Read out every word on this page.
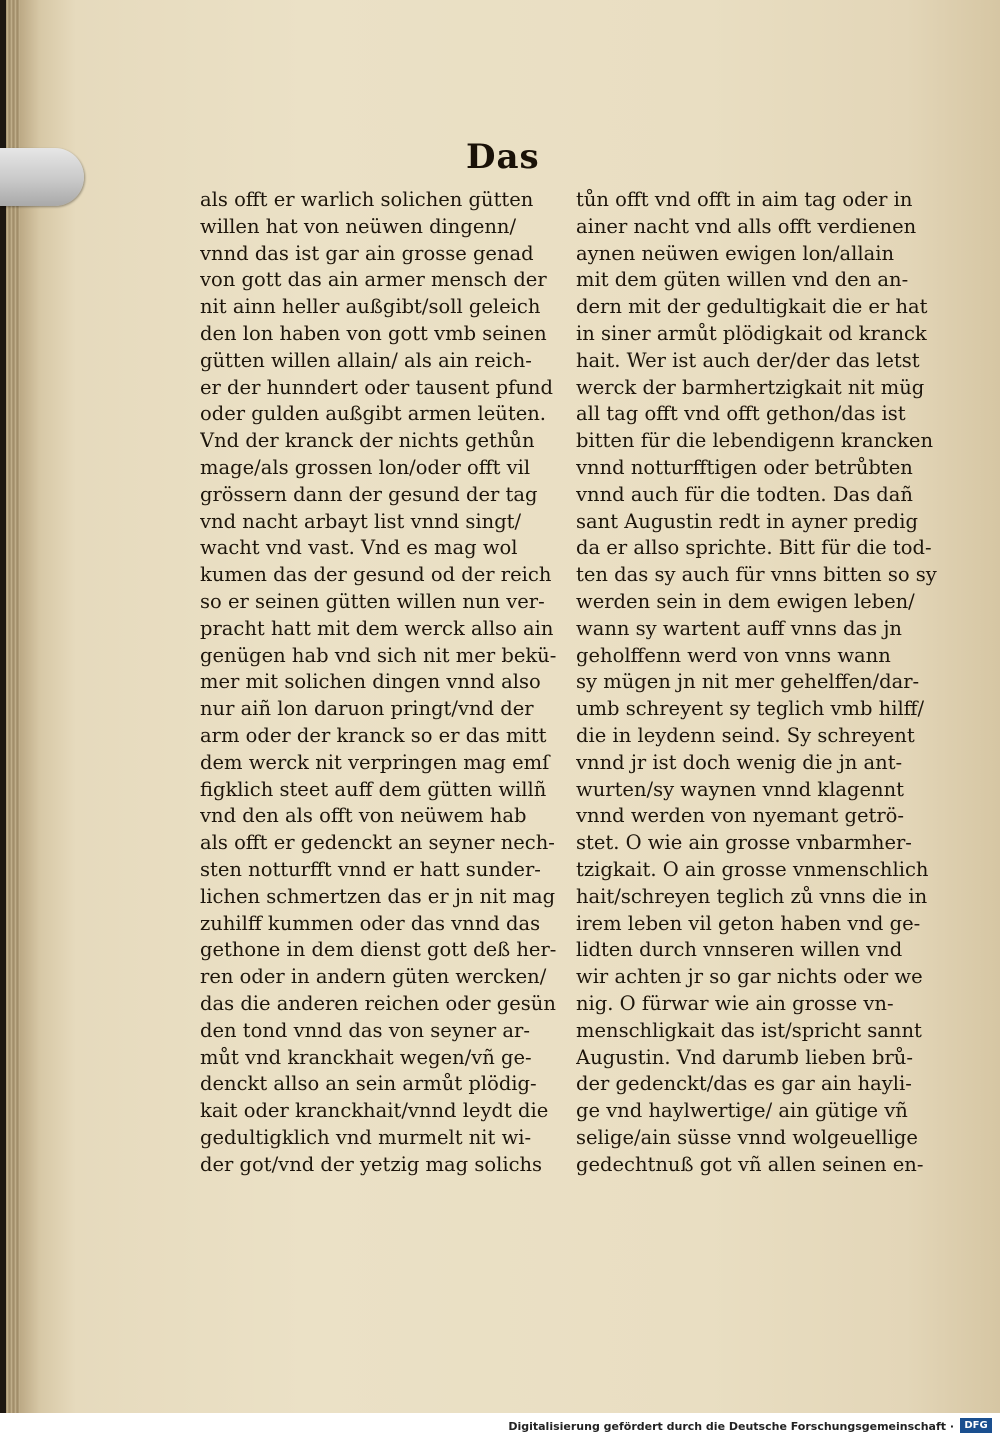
Das
als offt er warlich solichen gütten
willen hat von neüwen dingenn/
vnnd das ist gar ain grosse genad
von gott das ain armer mensch der
nit ainn heller außgibt/soll geleich
den lon haben von gott vmb seinen
gütten willen allain/ als ain reich-
er der hunndert oder tausent pfund
oder gulden außgibt armen leüten.
Vnd der kranck der nichts gethůn
mage/als grossen lon/oder offt vil
grössern dann der gesund der tag
vnd nacht arbayt list vnnd singt/
wacht vnd vast. Vnd es mag wol
kumen das der gesund od der reich
so er seinen gütten willen nun ver-
pracht hatt mit dem werck allso ain
genügen hab vnd sich nit mer bekü-
mer mit solichen dingen vnnd also
nur aiñ lon daruon pringt/vnd der
arm oder der kranck so er das mitt
dem werck nit verpringen mag emſ
figklich steet auff dem gütten willñ
vnd den als offt von neüwem hab
als offt er gedenckt an seyner nech-
sten notturfft vnnd er hatt sunder-
lichen schmertzen das er jn nit mag
zuhilff kummen oder das vnnd das
gethone in dem dienst gott deß her-
ren oder in andern güten wercken/
das die anderen reichen oder gesün
den tond vnnd das von seyner ar-
můt vnd kranckhait wegen/vñ ge-
denckt allso an sein armůt plödig-
kait oder kranckhait/vnnd leydt die
gedultigklich vnd murmelt nit wi-
der got/vnd der yetzig mag solichs
tůn offt vnd offt in aim tag oder in
ainer nacht vnd alls offt verdienen
aynen neüwen ewigen lon/allain
mit dem güten willen vnd den an-
dern mit der gedultigkait die er hat
in siner armůt plödigkait od kranck
hait. Wer ist auch der/der das letst
werck der barmhertzigkait nit müg
all tag offt vnd offt gethon/das ist
bitten für die lebendigenn krancken
vnnd notturfftigen oder betrůbten
vnnd auch für die todten. Das dañ
sant Augustin redt in ayner predig
da er allso sprichte. Bitt für die tod-
ten das sy auch für vnns bitten so sy
werden sein in dem ewigen leben/
wann sy wartent auff vnns das jn
geholffenn werd von vnns wann
sy mügen jn nit mer gehelffen/dar-
umb schreyent sy teglich vmb hilff/
die in leydenn seind. Sy schreyent
vnnd jr ist doch wenig die jn ant-
wurten/sy waynen vnnd klagennt
vnnd werden von nyemant getrö-
stet. O wie ain grosse vnbarmher-
tzigkait. O ain grosse vnmenschlich
hait/schreyen teglich zů vnns die in
irem leben vil geton haben vnd ge-
lidten durch vnnseren willen vnd
wir achten jr so gar nichts oder we
nig. O fürwar wie ain grosse vn-
menschligkait das ist/spricht sannt
Augustin. Vnd darumb lieben brů-
der gedenckt/das es gar ain hayli-
ge vnd haylwertige/ ain gütige vñ
selige/ain süsse vnnd wolgeuellige
gedechtnuß got vñ allen seinen en-
Digitalisierung gefördert durch die Deutsche Forschungsgemeinschaft ·	DFG
